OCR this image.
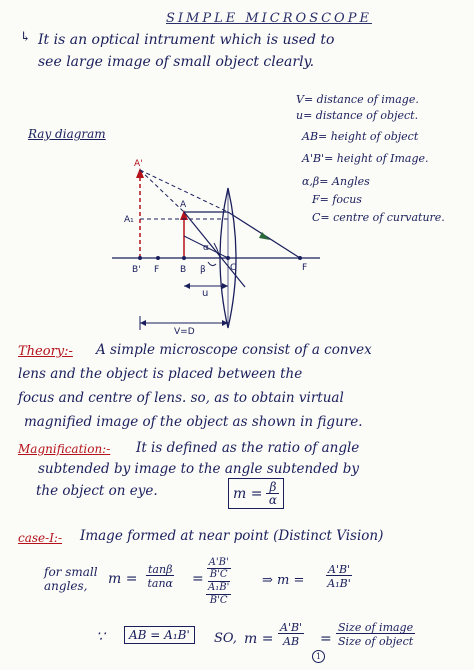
SIMPLE MICROSCOPE
↳ It is an optical intrument which is used to
see large image of small object clearly.
V= distance of image.
u= distance of object.
AB= height of object
A'B'= height of Image.
α,β= Angles
F= focus
C= centre of curvature.
Ray diagram
A'
A
A₁
B' F B	C	F
α
β
u
V=D
Theory:- A simple microscope consist of a convex
lens and the object is placed between the
focus and centre of lens. so, as to obtain virtual
magnified image of the object as shown in figure.
Magnification:- It is defined as the ratio of angle
subtended by image to the angle subtended by
the object on eye.	$m = \frac{\beta}{\alpha}$
case-I:- Image formed at near point (Distinct Vision)
for small
angles, $m = \frac{\tan\beta}{\tan\alpha}$ =
A'B'
B'C
A₁B'
B'C
⇒ $m = \frac{A'B'}{\text{A₁B'}}$
∵	AB = A₁B'	SO, $m = \frac{A'B'}{AB}$ =
Size of image
Size of object
1
